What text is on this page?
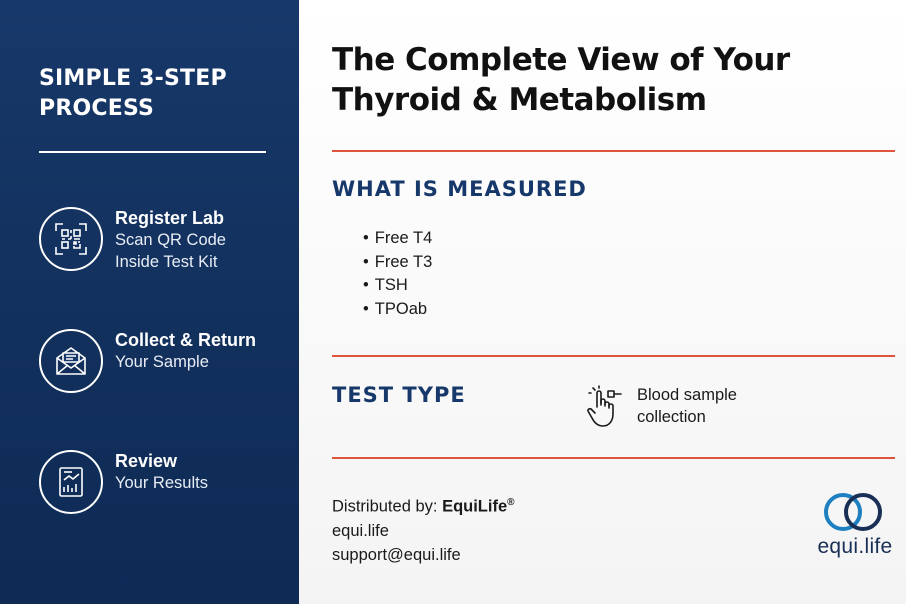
SIMPLE 3-STEP PROCESS
Register Lab
Scan QR Code
Inside Test Kit
Collect & Return
Your Sample
Review
Your Results
The Complete View of Your Thyroid & Metabolism
WHAT IS MEASURED
• Free T4
• Free T3
• TSH
• TPOab
TEST TYPE	Blood sample collection
Distributed by: EquiLife®
equi.life
support@equi.life	equi.life
